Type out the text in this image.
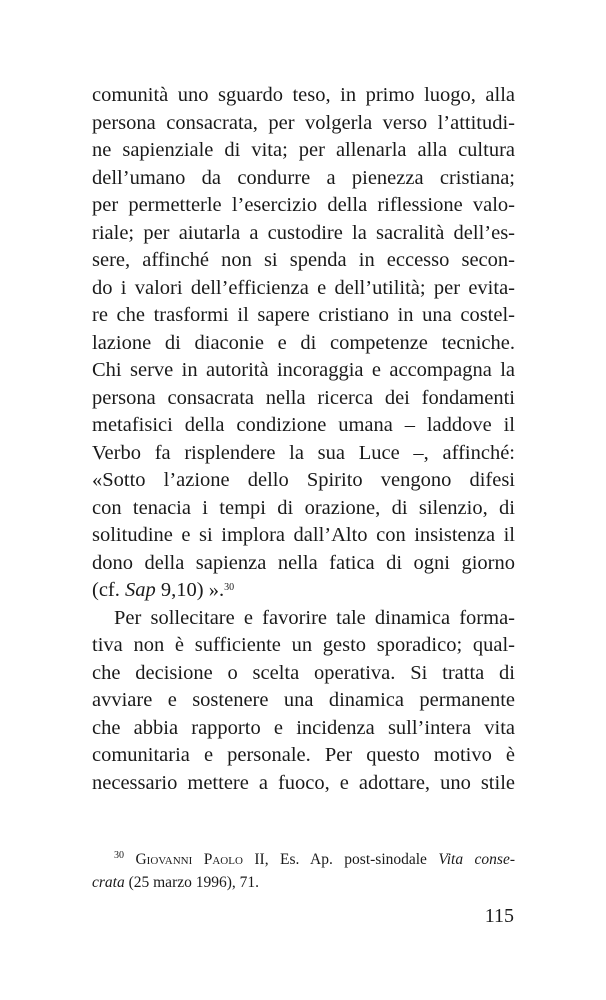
comunità uno sguardo teso, in primo luogo, alla
persona consacrata, per volgerla verso l’attitudi-
ne sapienziale di vita; per allenarla alla cultura
dell’umano da condurre a pienezza cristiana;
per permetterle l’esercizio della riflessione valo-
riale; per aiutarla a custodire la sacralità dell’es-
sere, affinché non si spenda in eccesso secon-
do i valori dell’efficienza e dell’utilità; per evita-
re che trasformi il sapere cristiano in una costel-
lazione di diaconie e di competenze tecniche.
Chi serve in autorità incoraggia e accompagna la
persona consacrata nella ricerca dei fondamenti
metafisici della condizione umana – laddove il
Verbo fa risplendere la sua Luce –, affinché:
«Sotto l’azione dello Spirito vengono difesi
con tenacia i tempi di orazione, di silenzio, di
solitudine e si implora dall’Alto con insistenza il
dono della sapienza nella fatica di ogni giorno
(cf. Sap 9,10) ».$^{30}$
Per sollecitare e favorire tale dinamica forma-
tiva non è sufficiente un gesto sporadico; qual-
che decisione o scelta operativa. Si tratta di
avviare e sostenere una dinamica permanente
che abbia rapporto e incidenza sull’intera vita
comunitaria e personale. Per questo motivo è
necessario mettere a fuoco, e adottare, uno stile
$^{30}$ Giovanni Paolo II, Es. Ap. post-sinodale Vita conse-
crata (25 marzo 1996), 71.
115
